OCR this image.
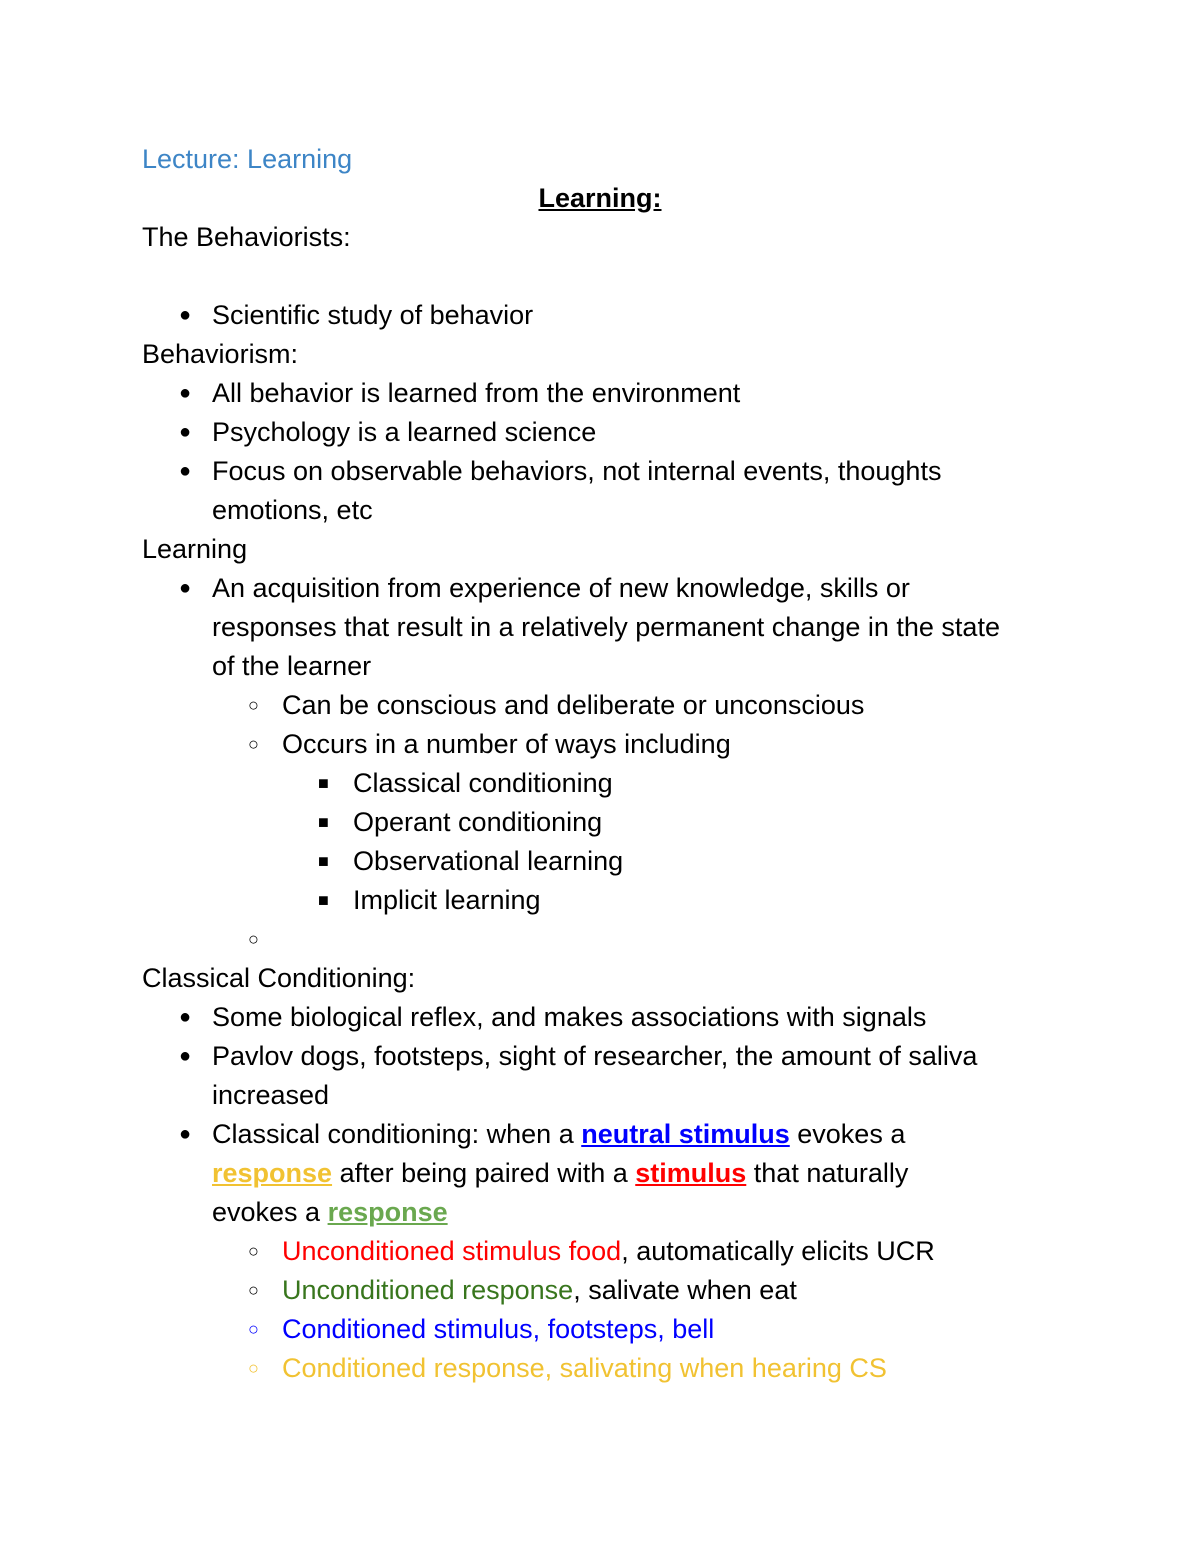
Lecture: Learning

Learning:

The Behaviorists:

● Scientific study of behavior

Behaviorism:

● All behavior is learned from the environment
● Psychology is a learned science
● Focus on observable behaviors, not internal events, thoughts emotions, etc

Learning

● An acquisition from experience of new knowledge, skills or responses that result in a relatively permanent change in the state of the learner
○ Can be conscious and deliberate or unconscious
○ Occurs in a number of ways including
■ Classical conditioning
■ Operant conditioning
■ Observational learning
■ Implicit learning
○

Classical Conditioning:

● Some biological reflex, and makes associations with signals
● Pavlov dogs, footsteps, sight of researcher, the amount of saliva increased
● Classical conditioning: when a neutral stimulus evokes a response after being paired with a stimulus that naturally evokes a response
○ Unconditioned stimulus food, automatically elicits UCR
○ Unconditioned response, salivate when eat
○ Conditioned stimulus, footsteps, bell
○ Conditioned response, salivating when hearing CS
